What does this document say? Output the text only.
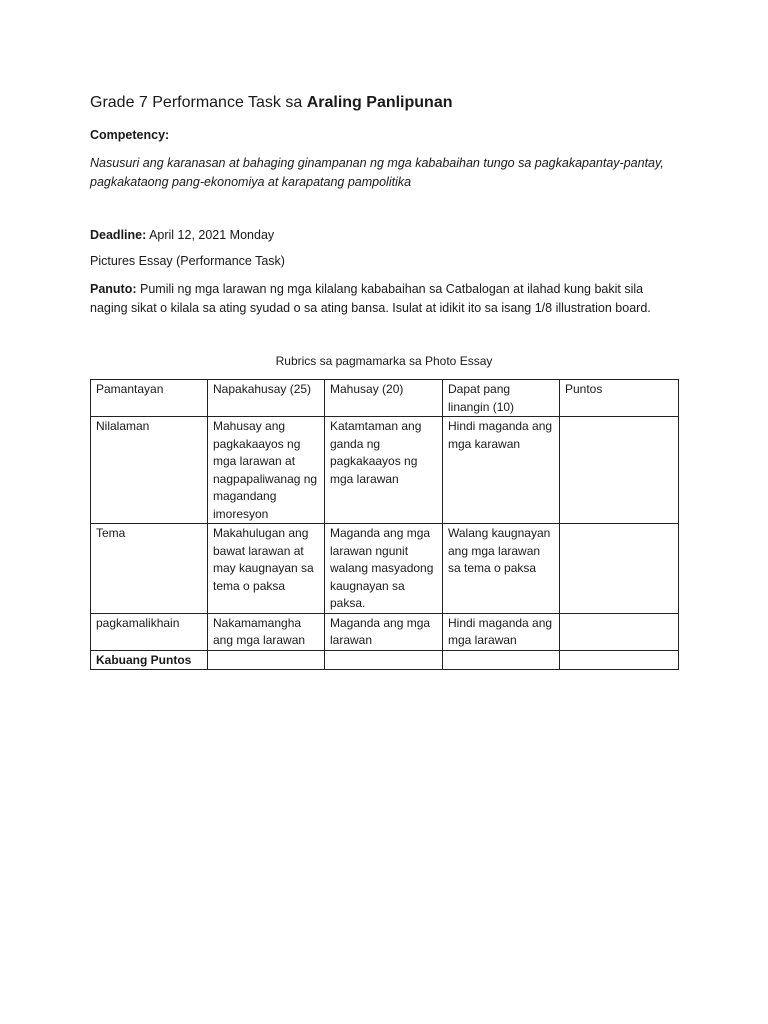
Grade 7 Performance Task sa Araling Panlipunan
Competency:
Nasusuri ang karanasan at bahaging ginampanan ng mga kababaihan tungo sa pagkakapantay-pantay, pagkakataong pang-ekonomiya at karapatang pampolitika
Deadline: April 12, 2021 Monday
Pictures Essay (Performance Task)
Panuto: Pumili ng mga larawan ng mga kilalang kababaihan sa Catbalogan at ilahad kung bakit sila naging sikat o kilala sa ating syudad o sa ating bansa. Isulat at idikit ito sa isang 1/8 illustration board.
Rubrics sa pagmamarka sa Photo Essay
Pamantayan	Napakahusay (25)	Mahusay (20)	Dapat pang linangin (10)	Puntos
Nilalaman	Mahusay ang pagkakaayos ng mga larawan at nagpapaliwanag ng magandang imoresyon	Katamtaman ang ganda ng pagkakaayos ng mga larawan	Hindi maganda ang mga karawan	
Tema	Makahulugan ang bawat larawan at may kaugnayan sa tema o paksa	Maganda ang mga larawan ngunit walang masyadong kaugnayan sa paksa.	Walang kaugnayan ang mga larawan sa tema o paksa	
pagkamalikhain	Nakamamangha ang mga larawan	Maganda ang mga larawan	Hindi maganda ang mga larawan	
Kabuang Puntos				
